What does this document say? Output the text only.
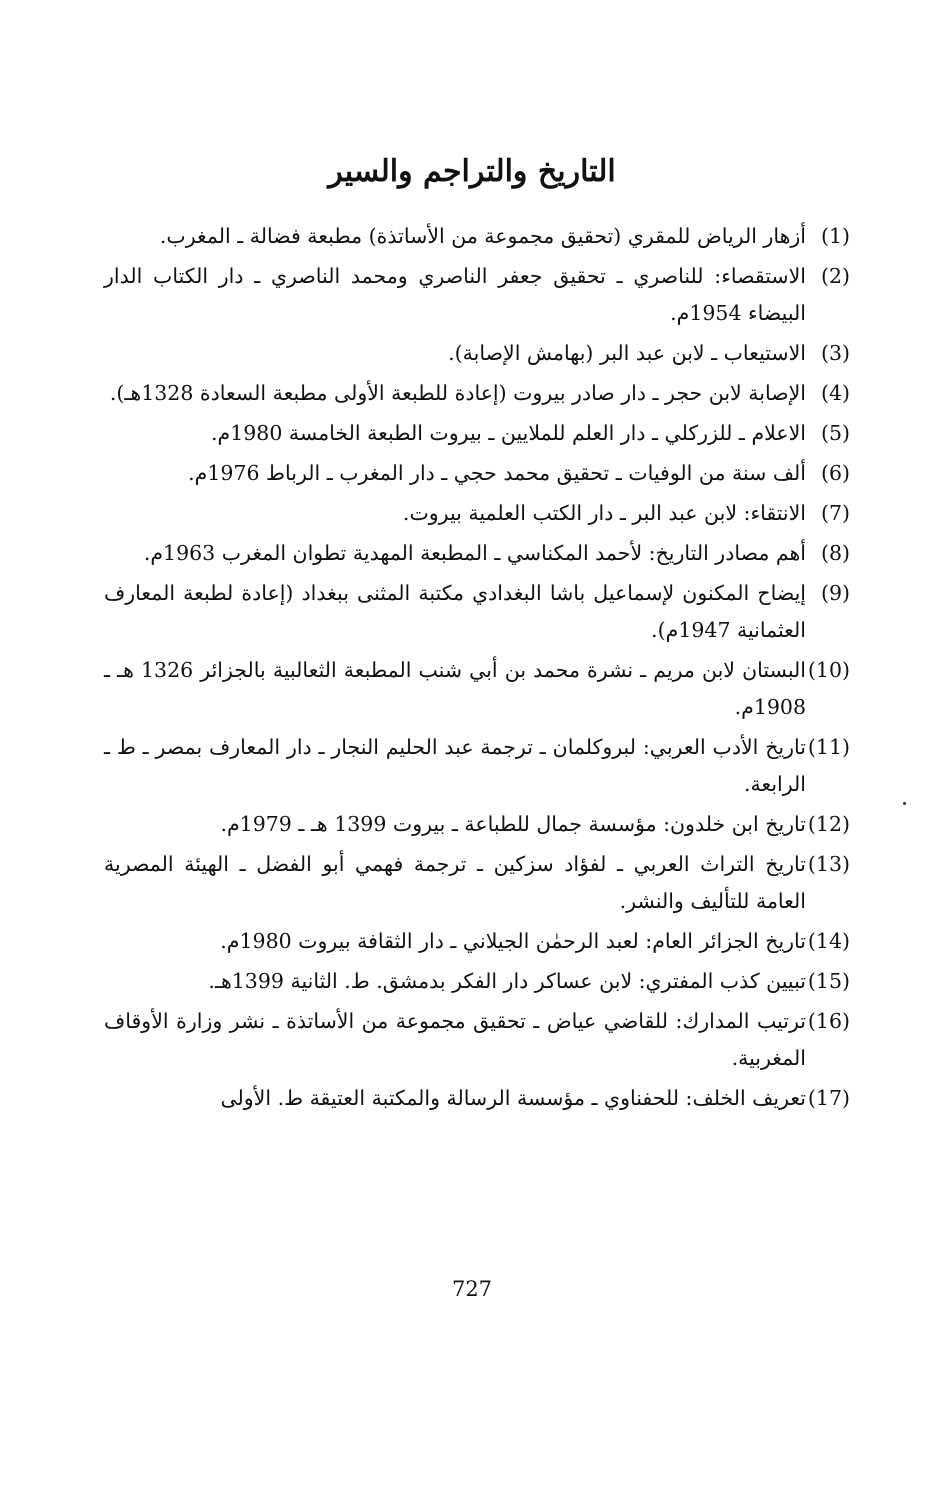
التاريخ والتراجم والسير
(1)
أزهار الرياض للمقري (تحقيق مجموعة من الأساتذة) مطبعة فضالة ـ المغرب.
(2)
الاستقصاء: للناصري ـ تحقيق جعفر الناصري ومحمد الناصري ـ دار الكتاب الدار البيضاء 1954م.
(3)
الاستيعاب ـ لابن عبد البر (بهامش الإصابة).
(4)
الإصابة لابن حجر ـ دار صادر بيروت (إعادة للطبعة الأولى مطبعة السعادة 1328هـ).
(5)
الاعلام ـ للزركلي ـ دار العلم للملايين ـ بيروت الطبعة الخامسة 1980م.
(6)
ألف سنة من الوفيات ـ تحقيق محمد حجي ـ دار المغرب ـ الرباط 1976م.
(7)
الانتقاء: لابن عبد البر ـ دار الكتب العلمية بيروت.
(8)
أهم مصادر التاريخ: لأحمد المكناسي ـ المطبعة المهدية تطوان المغرب 1963م.
(9)
إيضاح المكنون لإسماعيل باشا البغدادي مكتبة المثنى ببغداد (إعادة لطبعة المعارف العثمانية 1947م).
(10)
البستان لابن مريم ـ نشرة محمد بن أبي شنب المطبعة الثعالبية بالجزائر 1326 هـ ـ 1908م.
(11)
تاريخ الأدب العربي: لبروكلمان ـ ترجمة عبد الحليم النجار ـ دار المعارف بمصر ـ ط ـ الرابعة.
(12)
تاريخ ابن خلدون: مؤسسة جمال للطباعة ـ بيروت 1399 هـ ـ 1979م.
(13)
تاريخ التراث العربي ـ لفؤاد سزكين ـ ترجمة فهمي أبو الفضل ـ الهيئة المصرية العامة للتأليف والنشر.
(14)
تاريخ الجزائر العام: لعبد الرحمٰن الجيلاني ـ دار الثقافة بيروت 1980م.
(15)
تبيين كذب المفتري: لابن عساكر دار الفكر بدمشق. ط. الثانية 1399هـ.
(16)
ترتيب المدارك: للقاضي عياض ـ تحقيق مجموعة من الأساتذة ـ نشر وزارة الأوقاف المغربية.
(17)
تعريف الخلف: للحفناوي ـ مؤسسة الرسالة والمكتبة العتيقة ط. الأولى
727
